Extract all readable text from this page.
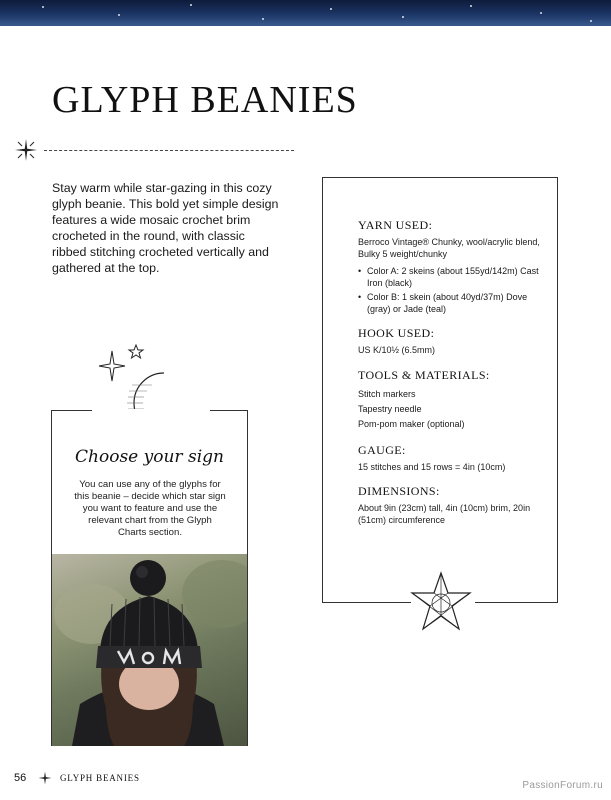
GLYPH BEANIES

Stay warm while star-gazing in this cozy glyph beanie. This bold yet simple design features a wide mosaic crochet brim crocheted in the round, with classic ribbed stitching crocheted vertically and gathered at the top.

Choose your sign

You can use any of the glyphs for this beanie – decide which star sign you want to feature and use the relevant chart from the Glyph Charts section.

YARN USED:
Berroco Vintage® Chunky, wool/acrylic blend, Bulky 5 weight/chunky
• Color A: 2 skeins (about 155yd/142m) Cast Iron (black)
• Color B: 1 skein (about 40yd/37m) Dove (gray) or Jade (teal)
HOOK USED:
US K/10½ (6.5mm)
TOOLS & MATERIALS:
Stitch markers
Tapestry needle
Pom-pom maker (optional)
GAUGE:
15 stitches and 15 rows = 4in (10cm)
DIMENSIONS:
About 9in (23cm) tall, 4in (10cm) brim, 20in (51cm) circumference
56	GLYPH BEANIES
PassionForum.ru
